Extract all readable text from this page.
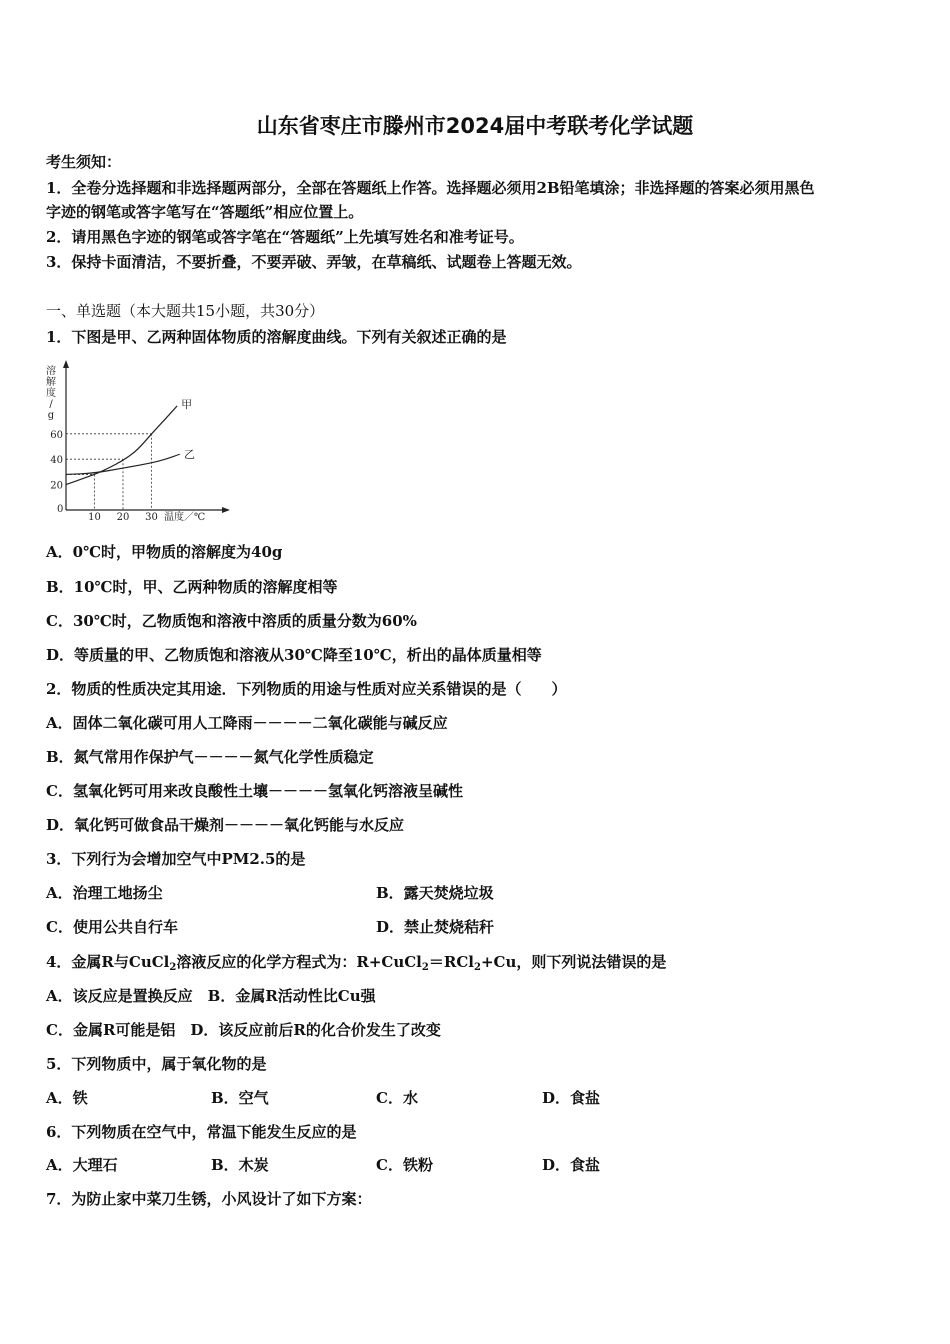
山东省枣庄市滕州市2024届中考联考化学试题
考生须知：
1．全卷分选择题和非选择题两部分，全部在答题纸上作答。选择题必须用2B铅笔填涂；非选择题的答案必须用黑色
字迹的钢笔或答字笔写在“答题纸”相应位置上。
2．请用黑色字迹的钢笔或答字笔在“答题纸”上先填写姓名和准考证号。
3．保持卡面清洁，不要折叠，不要弄破、弄皱，在草稿纸、试题卷上答题无效。
一、单选题（本大题共15小题，共30分）
1．下图是甲、乙两种固体物质的溶解度曲线。下列有关叙述正确的是
溶
解
度
/
g
温度／℃
0
20
40
60
10 20 30
甲
乙
A．0℃时，甲物质的溶解度为40g
B．10℃时，甲、乙两种物质的溶解度相等
C．30℃时，乙物质饱和溶液中溶质的质量分数为60%
D．等质量的甲、乙物质饱和溶液从30℃降至10℃，析出的晶体质量相等
2．物质的性质决定其用途．下列物质的用途与性质对应关系错误的是（　　）
A．固体二氧化碳可用人工降雨－－－－二氧化碳能与碱反应
B．氮气常用作保护气－－－－氮气化学性质稳定
C．氢氧化钙可用来改良酸性土壤－－－－氢氧化钙溶液呈碱性
D．氧化钙可做食品干燥剂－－－－氧化钙能与水反应
3．下列行为会增加空气中PM2.5的是
A．治理工地扬尘	B．露天焚烧垃圾
C．使用公共自行车	D．禁止焚烧秸秆
4．金属R与CuCl$_2$溶液反应的化学方程式为：R+CuCl$_2$＝RCl$_2$+Cu，则下列说法错误的是
A．该反应是置换反应　B．金属R活动性比Cu强
C．金属R可能是铝　D．该反应前后R的化合价发生了改变
5．下列物质中，属于氧化物的是
A．铁	B．空气	C．水	D．食盐
6．下列物质在空气中，常温下能发生反应的是
A．大理石	B．木炭	C．铁粉	D．食盐
7．为防止家中菜刀生锈，小风设计了如下方案：
